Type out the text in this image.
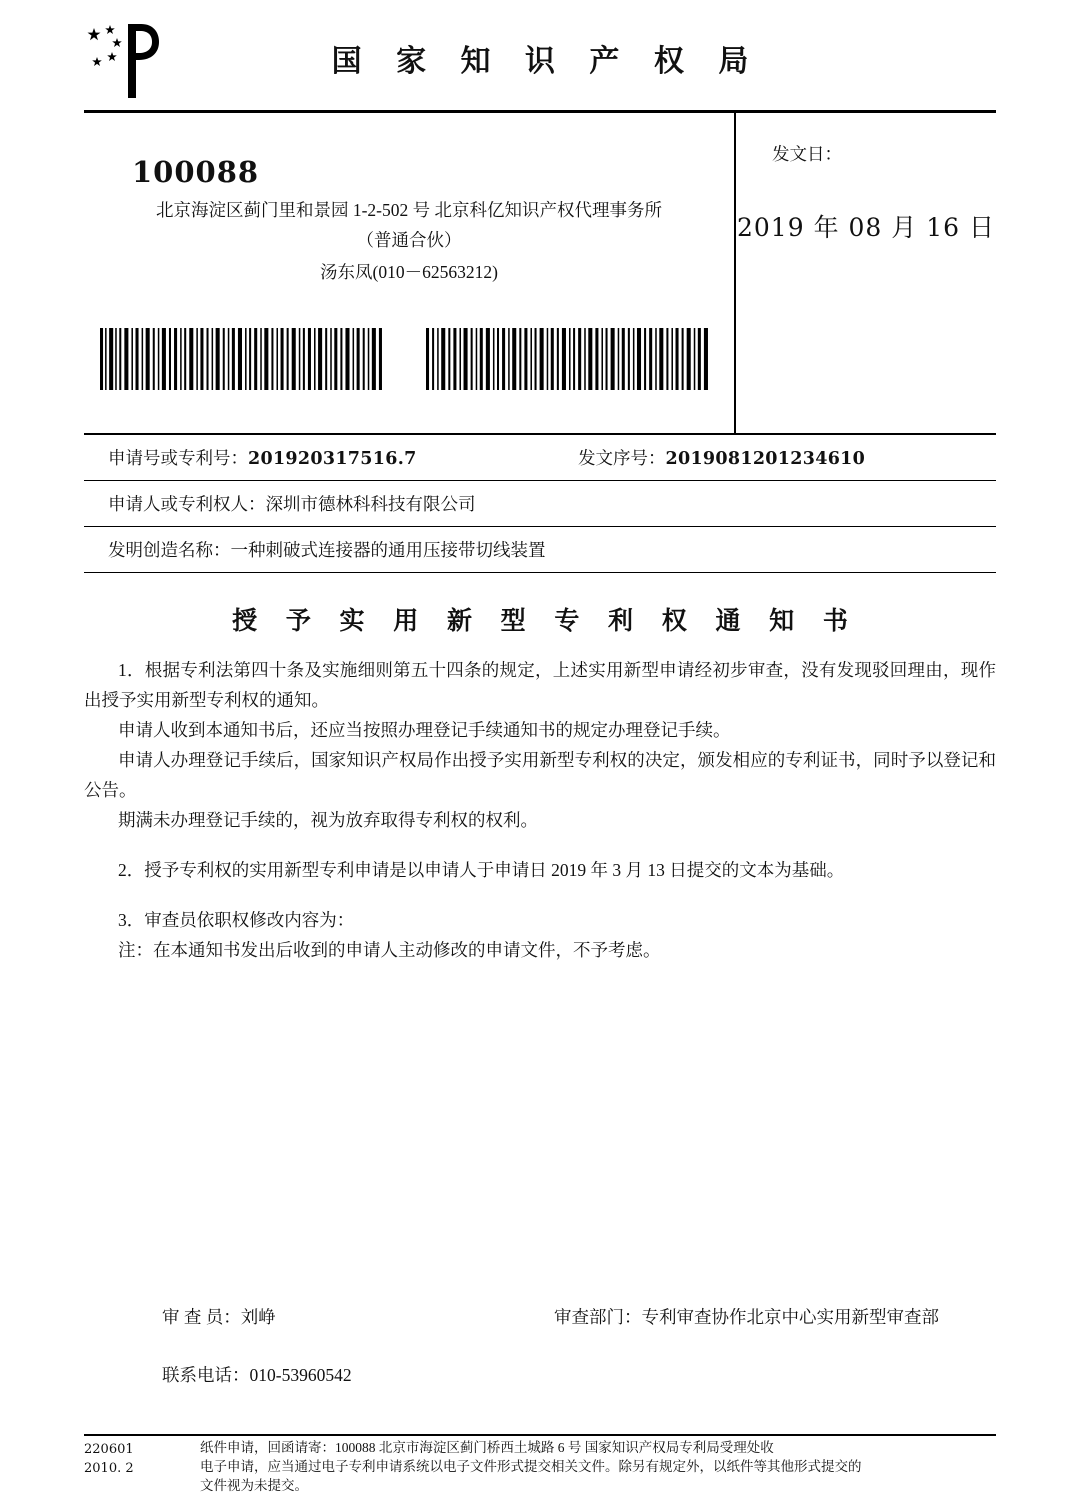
国 家 知 识 产 权 局
100088
北京海淀区蓟门里和景园 1-2-502 号 北京科亿知识产权代理事务所
（普通合伙）
汤东凤(010－62563212)
发文日：
2019 年 08 月 16 日
申请号或专利号：201920317516.7	发文序号：2019081201234610
申请人或专利权人：深圳市德林科科技有限公司
发明创造名称：一种刺破式连接器的通用压接带切线装置
授 予 实 用 新 型 专 利 权 通 知 书

1．根据专利法第四十条及实施细则第五十四条的规定，上述实用新型申请经初步审查，没有发现驳回理由，现作出授予实用新型专利权的通知。

申请人收到本通知书后，还应当按照办理登记手续通知书的规定办理登记手续。

申请人办理登记手续后，国家知识产权局作出授予实用新型专利权的决定，颁发相应的专利证书，同时予以登记和公告。

期满未办理登记手续的，视为放弃取得专利权的权利。

2．授予专利权的实用新型专利申请是以申请人于申请日 2019 年 3 月 13 日提交的文本为基础。

3．审查员依职权修改内容为：

注：在本通知书发出后收到的申请人主动修改的申请文件，不予考虑。

审 查 员：刘峥	审查部门：专利审查协作北京中心实用新型审查部
联系电话：010-53960542
220601
2010. 2
纸件申请，回函请寄：100088 北京市海淀区蓟门桥西土城路 6 号 国家知识产权局专利局受理处收
电子申请，应当通过电子专利申请系统以电子文件形式提交相关文件。除另有规定外，以纸件等其他形式提交的
文件视为未提交。
